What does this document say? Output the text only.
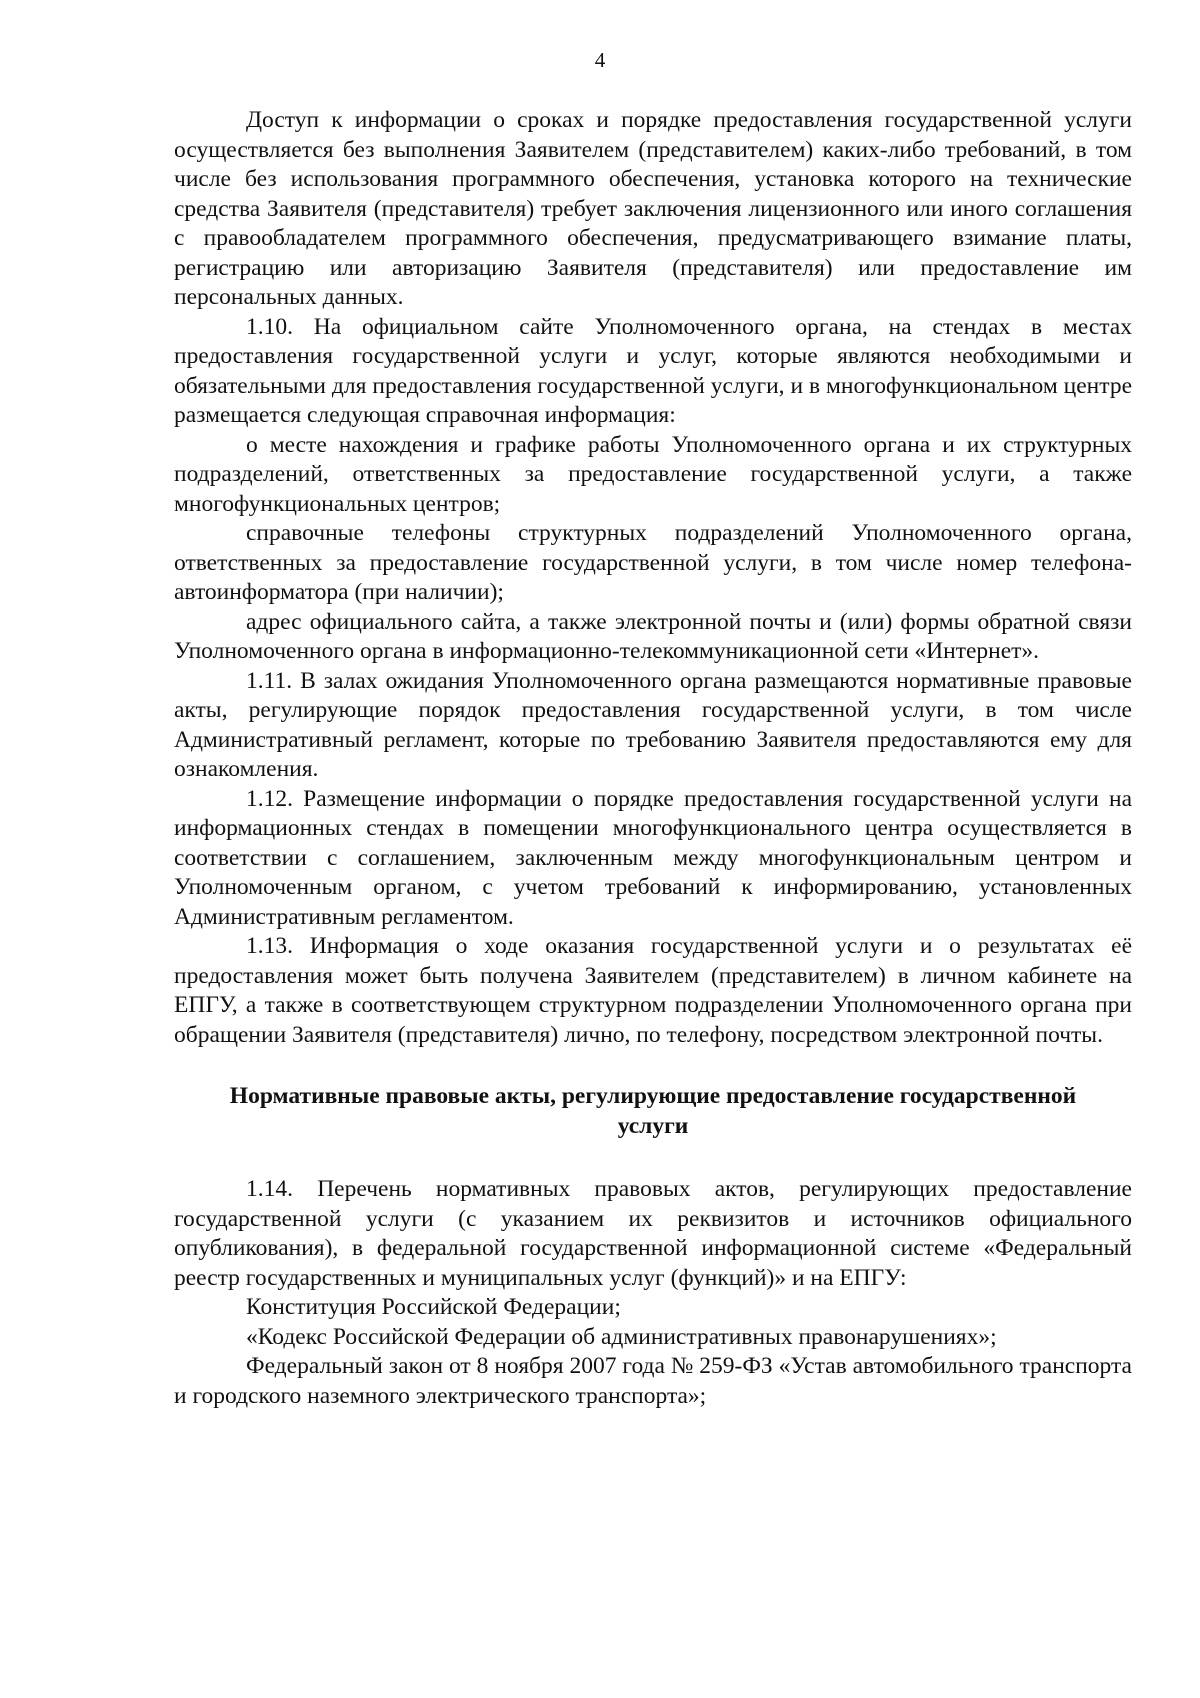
4

Доступ к информации о сроках и порядке предоставления государственной услуги осуществляется без выполнения Заявителем (представителем) каких-либо требований, в том числе без использования программного обеспечения, установка которого на технические средства Заявителя (представителя) требует заключения лицензионного или иного соглашения с правообладателем программного обеспечения, предусматривающего взимание платы, регистрацию или авторизацию Заявителя (представителя) или предоставление им персональных данных.

1.10. На официальном сайте Уполномоченного органа, на стендах в местах предоставления государственной услуги и услуг, которые являются необходимыми и обязательными для предоставления государственной услуги, и в многофункциональном центре размещается следующая справочная информация:

о месте нахождения и графике работы Уполномоченного органа и их структурных подразделений, ответственных за предоставление государственной услуги, а также многофункциональных центров;

справочные телефоны структурных подразделений Уполномоченного органа, ответственных за предоставление государственной услуги, в том числе номер телефона-автоинформатора (при наличии);

адрес официального сайта, а также электронной почты и (или) формы обратной связи Уполномоченного органа в информационно-телекоммуникационной сети «Интернет».

1.11. В залах ожидания Уполномоченного органа размещаются нормативные правовые акты, регулирующие порядок предоставления государственной услуги, в том числе Административный регламент, которые по требованию Заявителя предоставляются ему для ознакомления.

1.12. Размещение информации о порядке предоставления государственной услуги на информационных стендах в помещении многофункционального центра осуществляется в соответствии с соглашением, заключенным между многофункциональным центром и Уполномоченным органом, с учетом требований к информированию, установленных Административным регламентом.

1.13. Информация о ходе оказания государственной услуги и о результатах её предоставления может быть получена Заявителем (представителем) в личном кабинете на ЕПГУ, а также в соответствующем структурном подразделении Уполномоченного органа при обращении Заявителя (представителя) лично, по телефону, посредством электронной почты.

Нормативные правовые акты, регулирующие предоставление государственной услуги

1.14. Перечень нормативных правовых актов, регулирующих предоставление государственной услуги (с указанием их реквизитов и источников официального опубликования), в федеральной государственной информационной системе «Федеральный реестр государственных и муниципальных услуг (функций)» и на ЕПГУ:

Конституция Российской Федерации;

«Кодекс Российской Федерации об административных правонарушениях»;

Федеральный закон от 8 ноября 2007 года № 259-ФЗ «Устав автомобильного транспорта и городского наземного электрического транспорта»;
